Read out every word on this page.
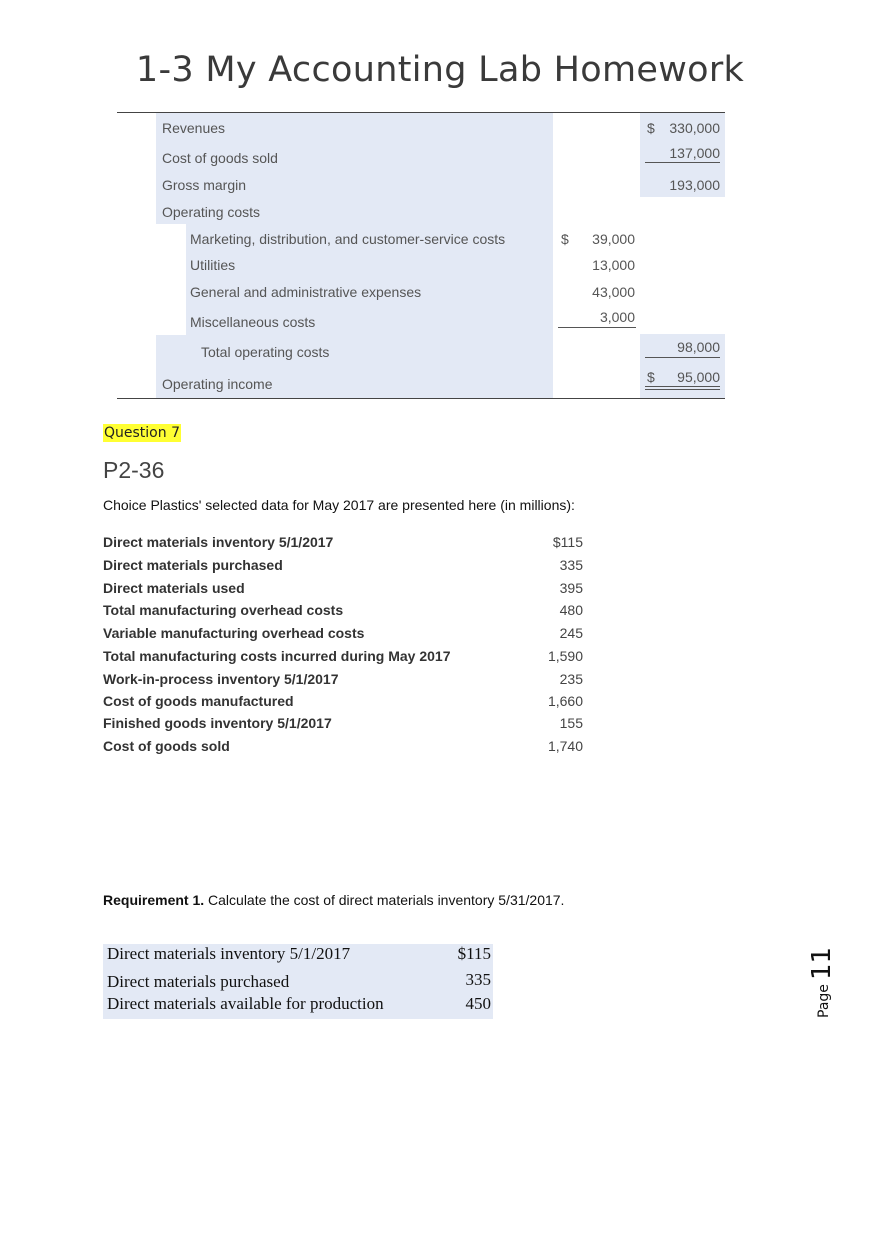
1-3 My Accounting Lab Homework
Revenues	$ 330,000
Cost of goods sold	137,000
Gross margin	193,000
Operating costs
Marketing, distribution, and customer-service costs	$ 39,000
Utilities	13,000
General and administrative expenses	43,000
Miscellaneous costs	3,000
Total operating costs	98,000
Operating income	$ 95,000
Question 7
P2-36
Choice Plastics' selected data for May 2017 are presented here (in millions):
Direct materials inventory 5/1/2017	$115
Direct materials purchased	335
Direct materials used	395
Total manufacturing overhead costs	480
Variable manufacturing overhead costs	245
Total manufacturing costs incurred during May 2017	1,590
Work-in-process inventory 5/1/2017	235
Cost of goods manufactured	1,660
Finished goods inventory 5/1/2017	155
Cost of goods sold	1,740
Requirement 1. Calculate the cost of direct materials inventory 5/31/2017.
Direct materials inventory 5/1/2017	$115
Direct materials purchased	335
Direct materials available for production	450	Page
11
